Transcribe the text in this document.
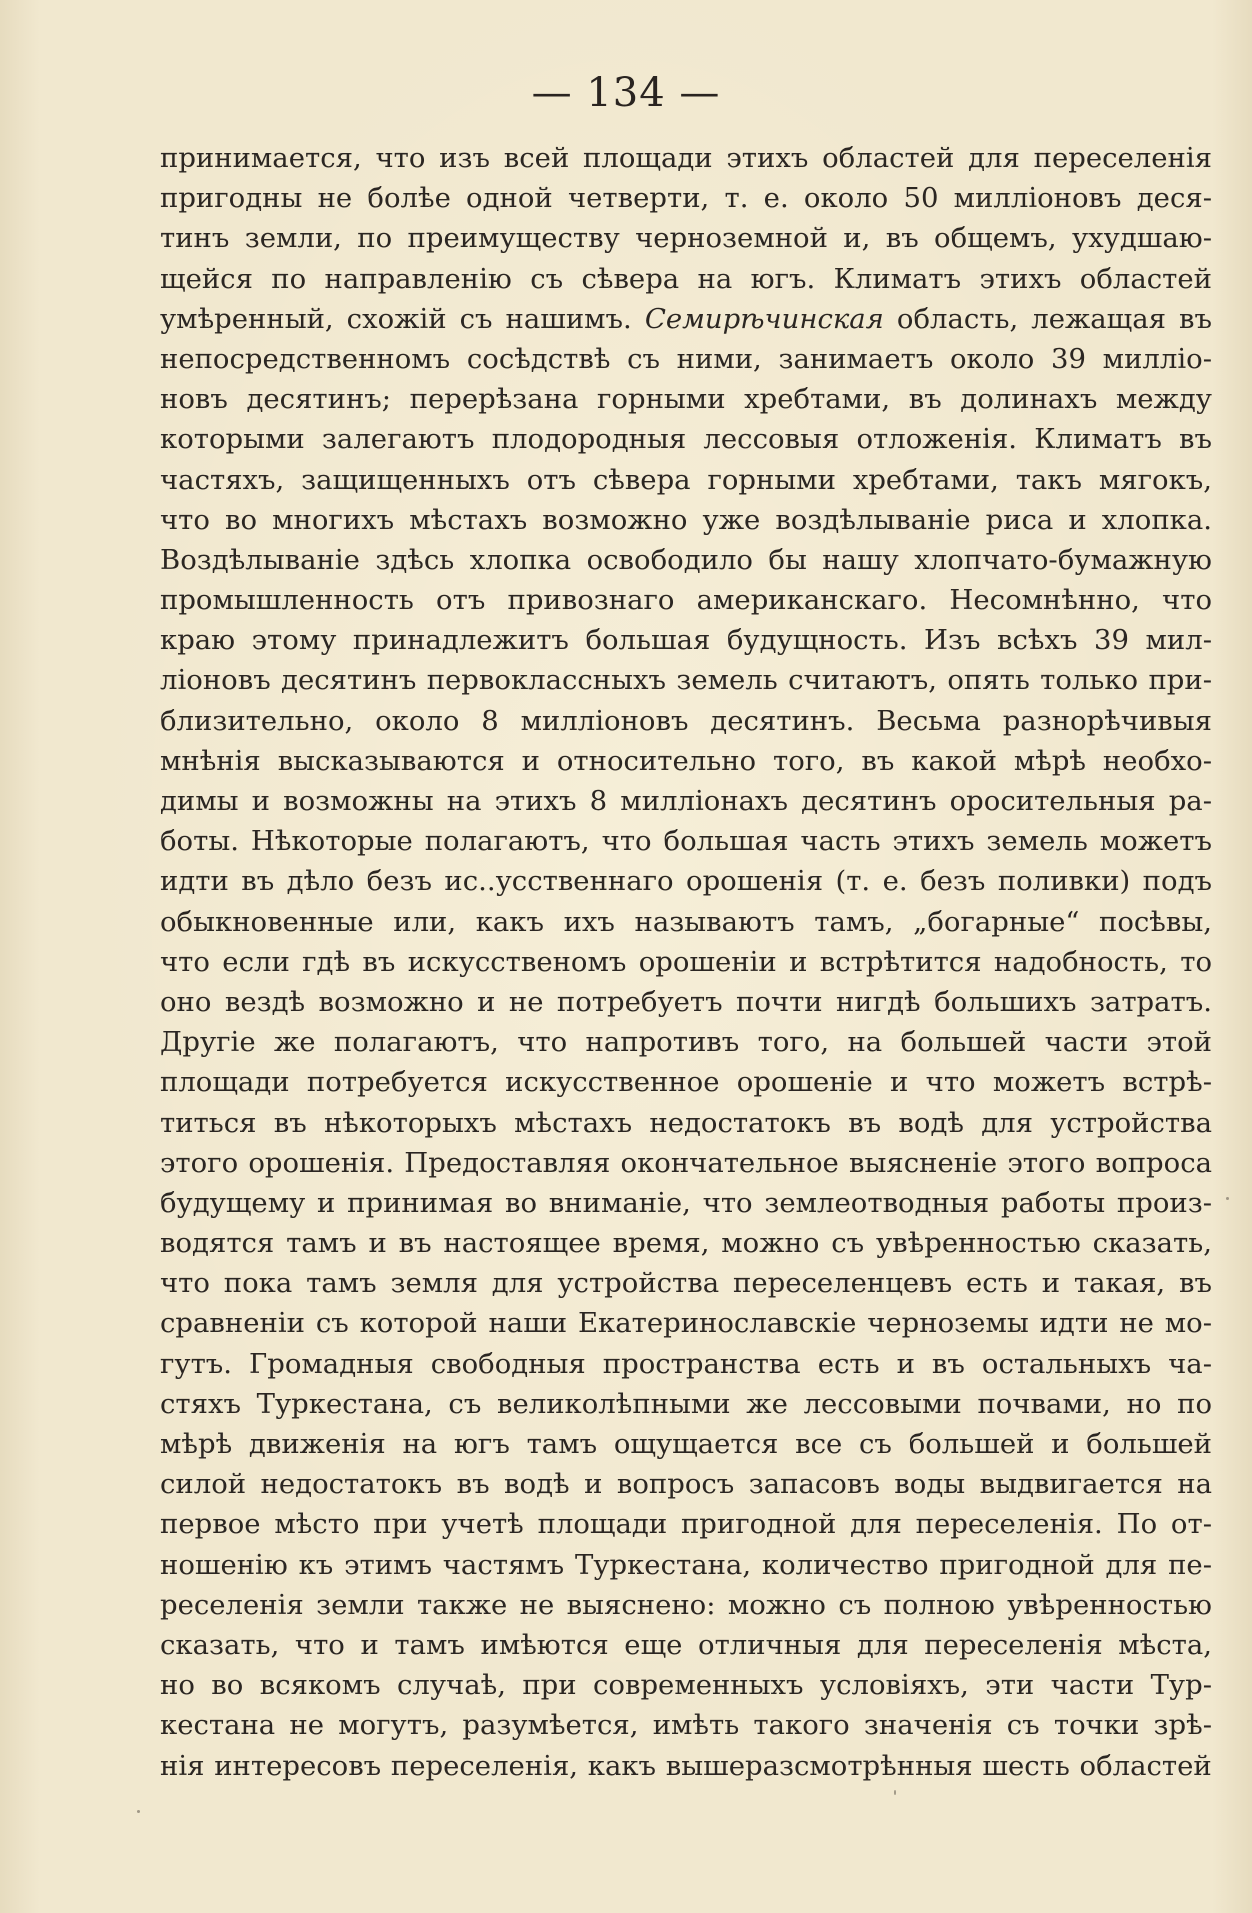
— 134 —
принимается, что изъ всей площади этихъ областей для переселенія
пригодны не болѣе одной четверти, т. е. около 50 милліоновъ деся-
тинъ земли, по преимуществу черноземной и, въ общемъ, ухудшаю-
щейся по направленію съ сѣвера на югъ. Климатъ этихъ областей
умѣренный, схожій съ нашимъ. Семирѣчинская область, лежащая въ
непосредственномъ сосѣдствѣ съ ними, занимаетъ около 39 милліо-
новъ десятинъ; перерѣзана горными хребтами, въ долинахъ между
которыми залегаютъ плодородныя лессовыя отложенія. Климатъ въ
частяхъ, защищенныхъ отъ сѣвера горными хребтами, такъ мягокъ,
что во многихъ мѣстахъ возможно уже воздѣлываніе риса и хлопка.
Воздѣлываніе здѣсь хлопка освободило бы нашу хлопчато-бумажную
промышленность отъ привознаго американскаго. Несомнѣнно, что
краю этому принадлежитъ большая будущность. Изъ всѣхъ 39 мил-
ліоновъ десятинъ первоклассныхъ земель считаютъ, опять только при-
близительно, около 8 милліоновъ десятинъ. Весьма разнорѣчивыя
мнѣнія высказываются и относительно того, въ какой мѣрѣ необхо-
димы и возможны на этихъ 8 милліонахъ десятинъ оросительныя ра-
боты. Нѣкоторые полагаютъ, что большая часть этихъ земель можетъ
идти въ дѣло безъ ис..усственнаго орошенія (т. е. безъ поливки) подъ
обыкновенные или, какъ ихъ называютъ тамъ, „богарные“ посѣвы,
что если гдѣ въ искусственомъ орошеніи и встрѣтится надобность, то
оно вездѣ возможно и не потребуетъ почти нигдѣ большихъ затратъ.
Другіе же полагаютъ, что напротивъ того, на большей части этой
площади потребуется искусственное орошеніе и что можетъ встрѣ-
титься въ нѣкоторыхъ мѣстахъ недостатокъ въ водѣ для устройства
этого орошенія. Предоставляя окончательное выясненіе этого вопроса
будущему и принимая во вниманіе, что землеотводныя работы произ-
водятся тамъ и въ настоящее время, можно съ увѣренностью сказать,
что пока тамъ земля для устройства переселенцевъ есть и такая, въ
сравненіи съ которой наши Екатеринославскіе черноземы идти не мо-
гутъ. Громадныя свободныя пространства есть и въ остальныхъ ча-
стяхъ Туркестана, съ великолѣпными же лессовыми почвами, но по
мѣрѣ движенія на югъ тамъ ощущается все съ большей и большей
силой недостатокъ въ водѣ и вопросъ запасовъ воды выдвигается на
первое мѣсто при учетѣ площади пригодной для переселенія. По от-
ношенію къ этимъ частямъ Туркестана, количество пригодной для пе-
реселенія земли также не выяснено: можно съ полною увѣренностью
сказать, что и тамъ имѣются еще отличныя для переселенія мѣста,
но во всякомъ случаѣ, при современныхъ условіяхъ, эти части Тур-
кестана не могутъ, разумѣется, имѣть такого значенія съ точки зрѣ-
нія интересовъ переселенія, какъ вышеразсмотрѣнныя шесть областей
